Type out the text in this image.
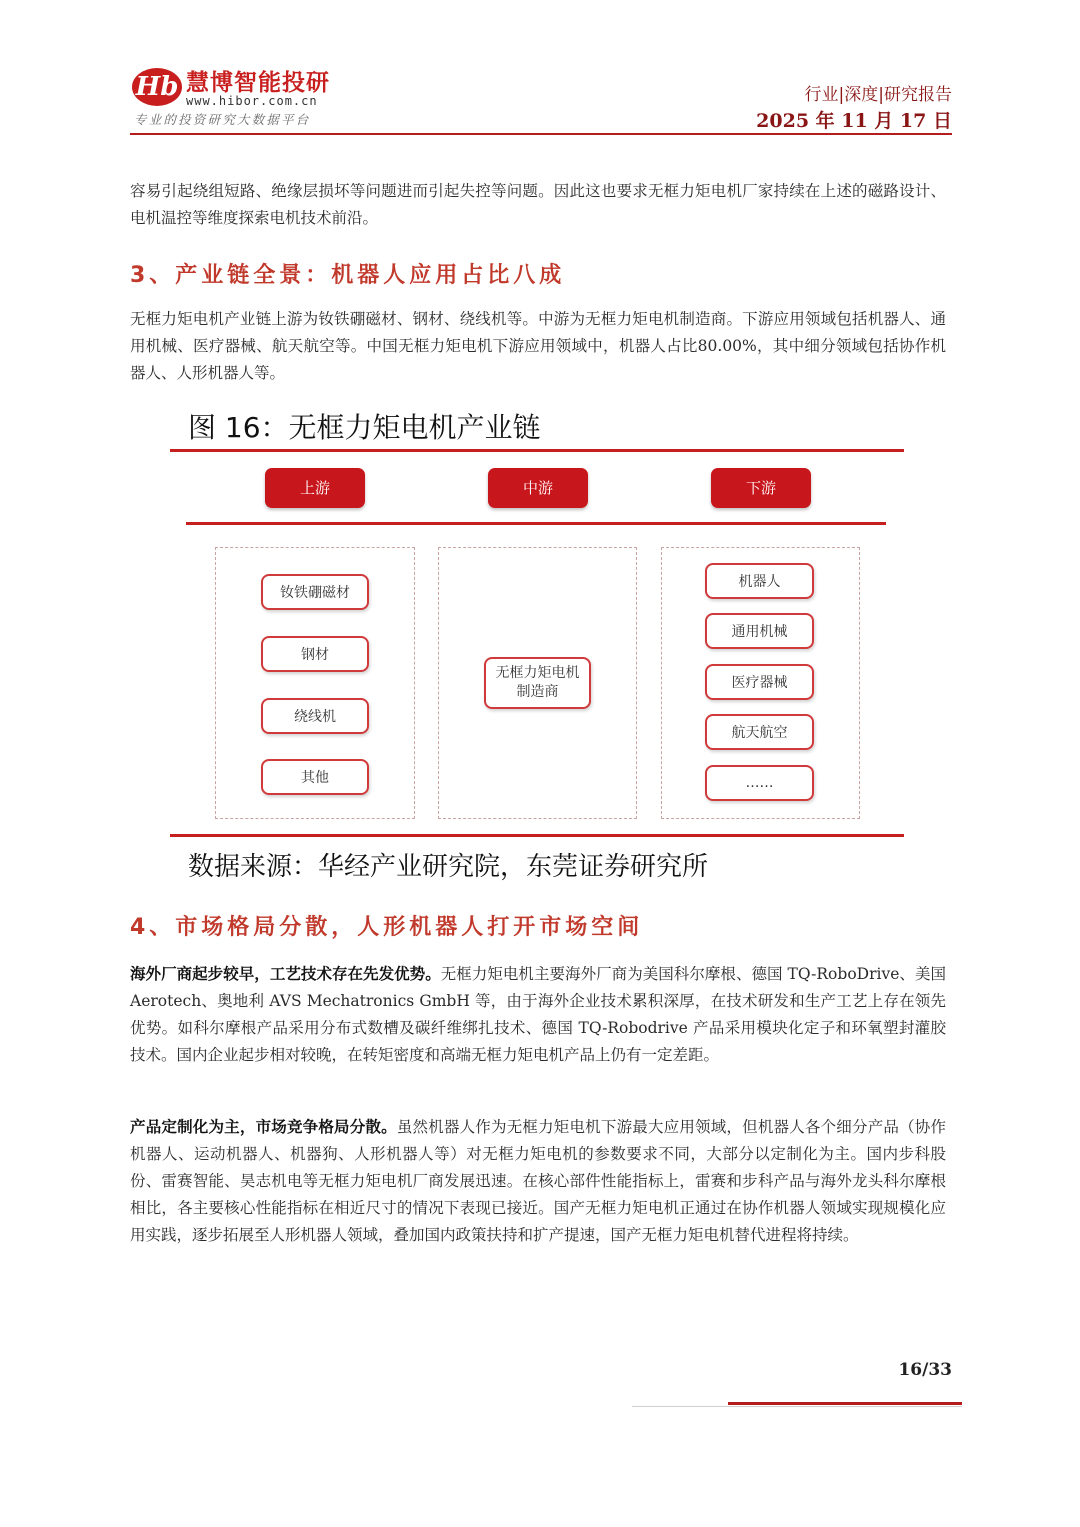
Hb 慧博智能投研
www.hibor.com.cn
专业的投资研究大数据平台
行业|深度|研究报告
2025 年 11 月 17 日
容易引起绕组短路、绝缘层损坏等问题进而引起失控等问题。因此这也要求无框力矩电机厂家持续在上述的磁路设计、电机温控等维度探索电机技术前沿。
3、产业链全景：机器人应用占比八成
无框力矩电机产业链上游为钕铁硼磁材、钢材、绕线机等。中游为无框力矩电机制造商。下游应用领域包括机器人、通用机械、医疗器械、航天航空等。中国无框力矩电机下游应用领域中，机器人占比80.00%，其中细分领域包括协作机器人、人形机器人等。
图 16：无框力矩电机产业链
上游	中游	下游
钕铁硼磁材
钢材
绕线机
其他
无框力矩电机
制造商
机器人
通用机械
医疗器械
航天航空
……
数据来源：华经产业研究院，东莞证券研究所
4、市场格局分散，人形机器人打开市场空间
海外厂商起步较早，工艺技术存在先发优势。无框力矩电机主要海外厂商为美国科尔摩根、德国 TQ-RoboDrive、美国 Aerotech、奥地利 AVS Mechatronics GmbH 等，由于海外企业技术累积深厚，在技术研发和生产工艺上存在领先优势。如科尔摩根产品采用分布式数槽及碳纤维绑扎技术、德国 TQ-Robodrive 产品采用模块化定子和环氧塑封灌胶技术。国内企业起步相对较晚，在转矩密度和高端无框力矩电机产品上仍有一定差距。
产品定制化为主，市场竞争格局分散。虽然机器人作为无框力矩电机下游最大应用领域，但机器人各个细分产品（协作机器人、运动机器人、机器狗、人形机器人等）对无框力矩电机的参数要求不同，大部分以定制化为主。国内步科股份、雷赛智能、昊志机电等无框力矩电机厂商发展迅速。在核心部件性能指标上，雷赛和步科产品与海外龙头科尔摩根相比，各主要核心性能指标在相近尺寸的情况下表现已接近。国产无框力矩电机正通过在协作机器人领域实现规模化应用实践，逐步拓展至人形机器人领域，叠加国内政策扶持和扩产提速，国产无框力矩电机替代进程将持续。
16/33
